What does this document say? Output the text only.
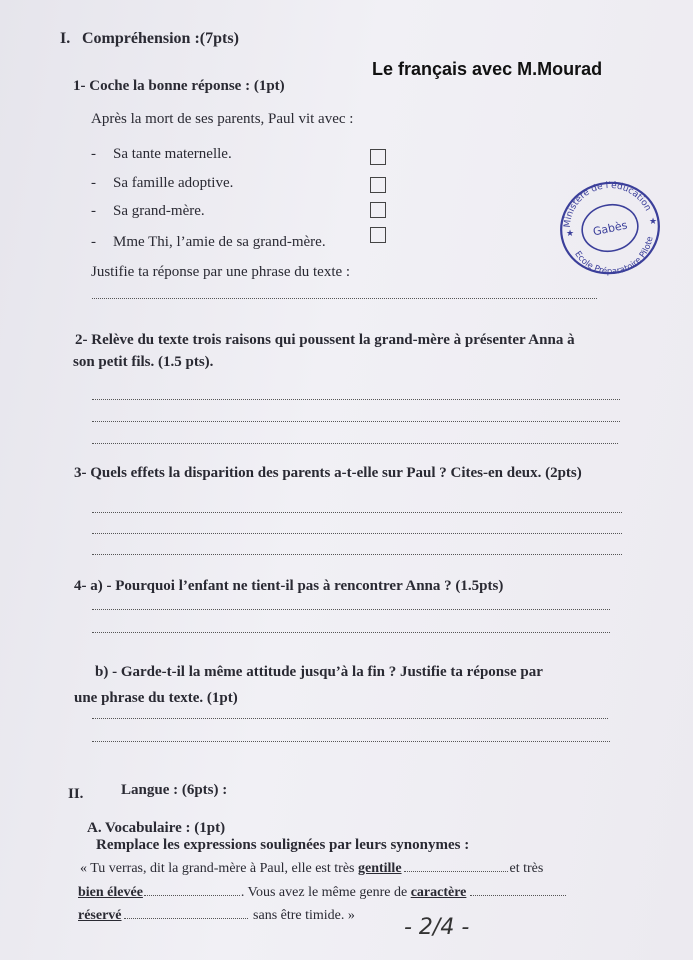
I. Compréhension :(7pts)
Le français avec M.Mourad
1- Coche la bonne réponse : (1pt)
Après la mort de ses parents, Paul vit avec :
- Sa tante maternelle.
- Sa famille adoptive.
- Sa grand-mère.
- Mme Thi, l’amie de sa grand-mère.
Justifie ta réponse par une phrase du texte :
Ministère de l'éducation
Ecole Préparatoire Pilote
Gabès
★
★
2- Relève du texte trois raisons qui poussent la grand-mère à présenter Anna à
son petit fils. (1.5 pts).
3- Quels effets la disparition des parents a-t-elle sur Paul ? Cites-en deux. (2pts)
4- a) - Pourquoi l’enfant ne tient-il pas à rencontrer Anna ? (1.5pts)
b) - Garde-t-il la même attitude jusqu’à la fin ? Justifie ta réponse par
une phrase du texte. (1pt)
II.	Langue : (6pts) :
A. Vocabulaire : (1pt)
Remplace les expressions soulignées par leurs synonymes :
« Tu verras, dit la grand-mère à Paul, elle est très gentille	et très
bien élevée	. Vous avez le même genre de caractère
réservé	sans être timide. » - 2/4 -
